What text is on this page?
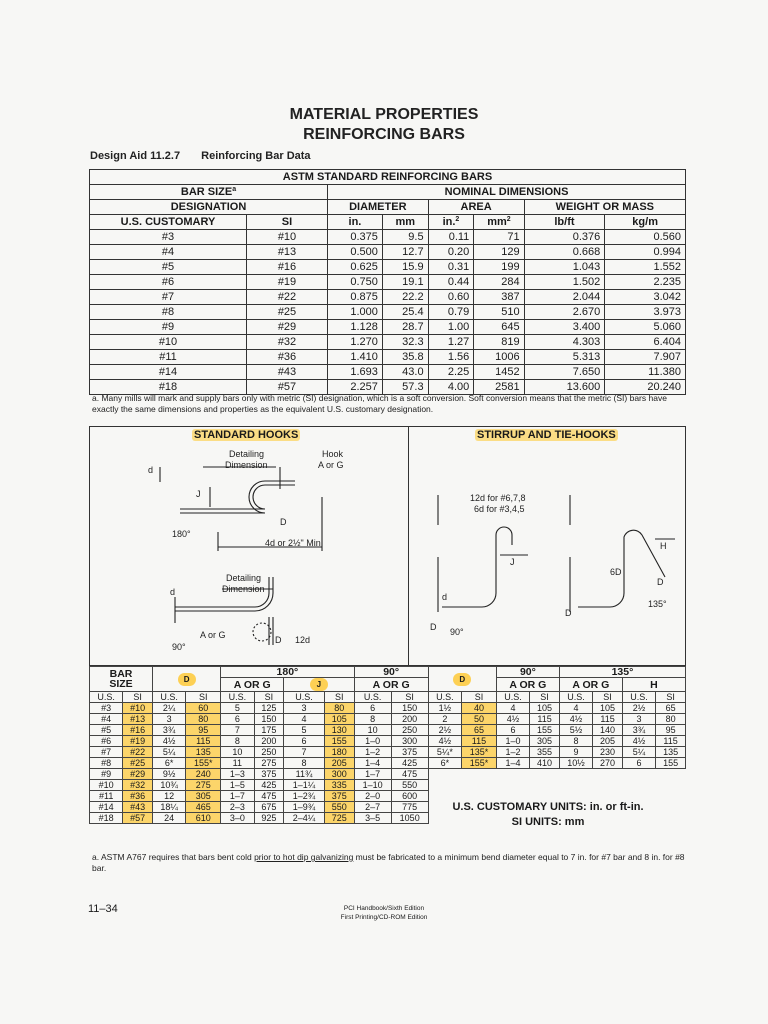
MATERIAL PROPERTIES
REINFORCING BARS
Design Aid 11.2.7 Reinforcing Bar Data
ASTM STANDARD REINFORCING BARS							
BAR SIZE$^a$		NOMINAL DIMENSIONS					
DESIGNATION		DIAMETER		AREA		WEIGHT OR MASS	
U.S. CUSTOMARY	SI	in.	mm	in.$^2$	$mm^2$	lb/ft	kg/m
#3	#10	0.375	9.5	0.11	71	0.376	0.560
#4	#13	0.500	12.7	0.20	129	0.668	0.994
#5	#16	0.625	15.9	0.31	199	1.043	1.552
#6	#19	0.750	19.1	0.44	284	1.502	2.235
#7	#22	0.875	22.2	0.60	387	2.044	3.042
#8	#25	1.000	25.4	0.79	510	2.670	3.973
#9	#29	1.128	28.7	1.00	645	3.400	5.060
#10	#32	1.270	32.3	1.27	819	4.303	6.404
#11	#36	1.410	35.8	1.56	1006	5.313	7.907
#14	#43	1.693	43.0	2.25	1452	7.650	11.380
#18	#57	2.257	57.3	4.00	2581	13.600	20.240
a. Many mills will mark and supply bars only with metric (SI) designation, which is a soft conversion. Soft conversion means that the metric (SI) bars have exactly the same dimensions and properties as the equivalent U.S. customary designation.
STANDARD HOOKS	STIRRUP AND TIE-HOOKS
Detailing
Dimension
Hook
A or G
d
J
D
180°
4d or 2½" Min.
Detailing
Dimension
d
A or G
90°
D 12d
12d for #6,7,8
6d for #3,4,5
d
J
D 90°
H
6D
D
135°
D
BAR
SIZE		D		180°				90°		D		90°		135°			
				A OR G		J		A OR G				A OR G		A OR G		H	
U.S.	SI	U.S.	SI	U.S.	SI	U.S.	SI	U.S.	SI	U.S.	SI	U.S.	SI	U.S.	SI	U.S.	SI
#3	#10	2¼	60	5	125	3	80	6	150	1½	40	4	105	4	105	2½	65
#4	#13	3	80	6	150	4	105	8	200	2	50	4½	115	4½	115	3	80
#5	#16	3¾	95	7	175	5	130	10	250	2½	65	6	155	5½	140	3¾	95
#6	#19	4½	115	8	200	6	155	1–0	300	4½	115	1–0	305	8	205	4½	115
#7	#22	5¼	135	10	250	7	180	1–2	375	5¼*	135*	1–2	355	9	230	5¼	135
#8	#25	6*	155*	11	275	8	205	1–4	425	6*	155*	1–4	410	10½	270	6	155
#9	#29	9½	240	1–3	375	11¾	300	1–7	475								
#10	#32	10¾	275	1–5	425	1–1¼	335	1–10	550								
#11	#36	12	305	1–7	475	1–2¾	375	2–0	600								
#14	#43	18¼	465	2–3	675	1–9¾	550	2–7	775								
#18	#57	24	610	3–0	925	2–4¼	725	3–5	1050								
U.S. CUSTOMARY UNITS: in. or ft-in.
SI UNITS: mm
a. ASTM A767 requires that bars bent cold prior to hot dip galvanizing must be fabricated to a minimum bend diameter equal to 7 in. for #7 bar and 8 in. for #8 bar.
11–34	PCI Handbook/Sixth Edition
First Printing/CD-ROM Edition
